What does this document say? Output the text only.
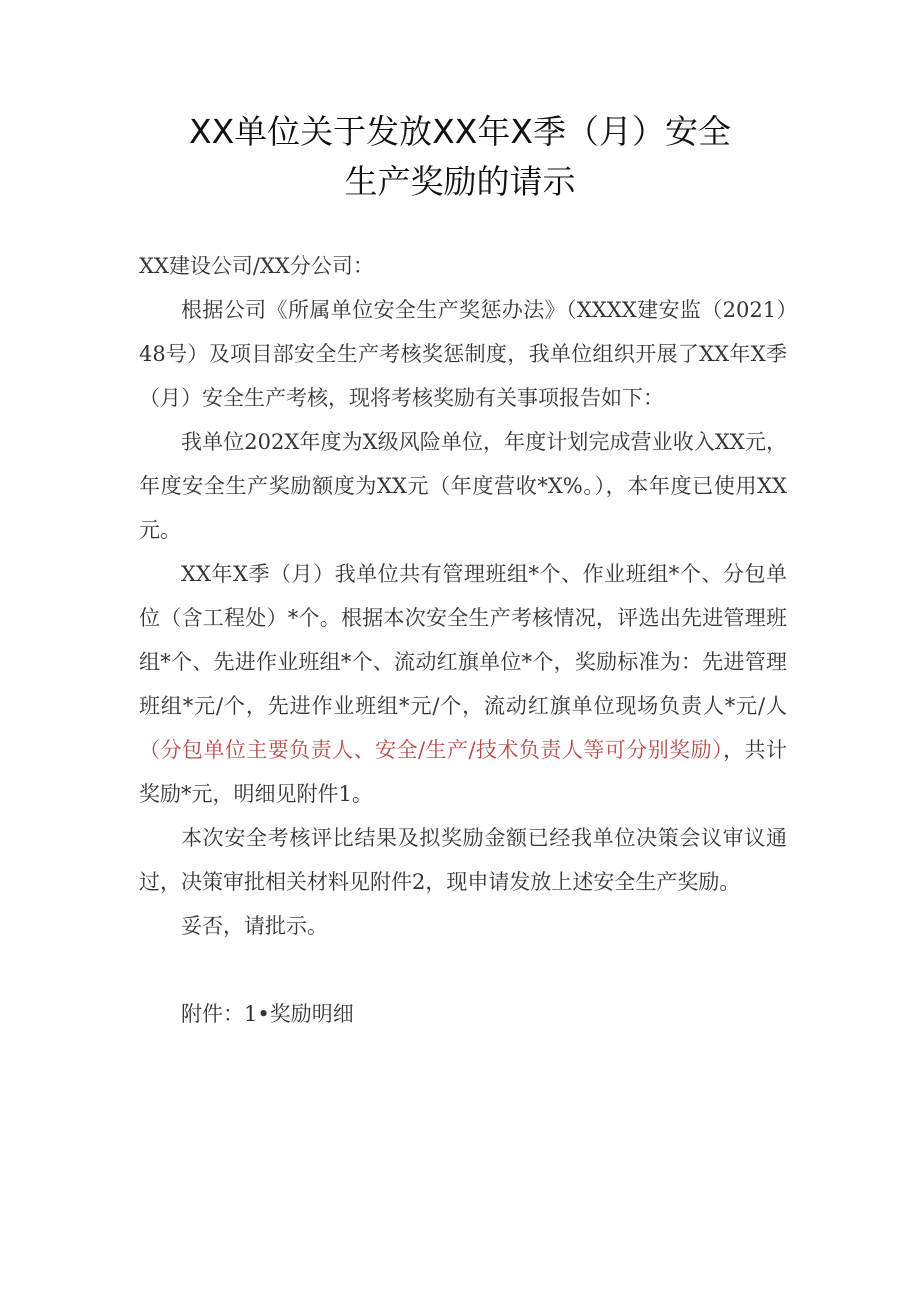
XX单位关于发放XX年X季（月）安全
生产奖励的请示

XX建设公司/XX分公司：

根据公司《所属单位安全生产奖惩办法》（XXXX建安监（2021）48号）及项目部安全生产考核奖惩制度，我单位组织开展了XX年X季（月）安全生产考核，现将考核奖励有关事项报告如下：

我单位202X年度为X级风险单位，年度计划完成营业收入XX元，年度安全生产奖励额度为XX元（年度营收*X%。），本年度已使用XX元。

XX年X季（月）我单位共有管理班组*个、作业班组*个、分包单位（含工程处）*个。根据本次安全生产考核情况，评选出先进管理班组*个、先进作业班组*个、流动红旗单位*个，奖励标准为：先进管理班组*元/个，先进作业班组*元/个，流动红旗单位现场负责人*元/人（分包单位主要负责人、安全/生产/技术负责人等可分别奖励），共计奖励*元，明细见附件1。

本次安全考核评比结果及拟奖励金额已经我单位决策会议审议通过，决策审批相关材料见附件2，现申请发放上述安全生产奖励。

妥否，请批示。

附件：1•奖励明细
